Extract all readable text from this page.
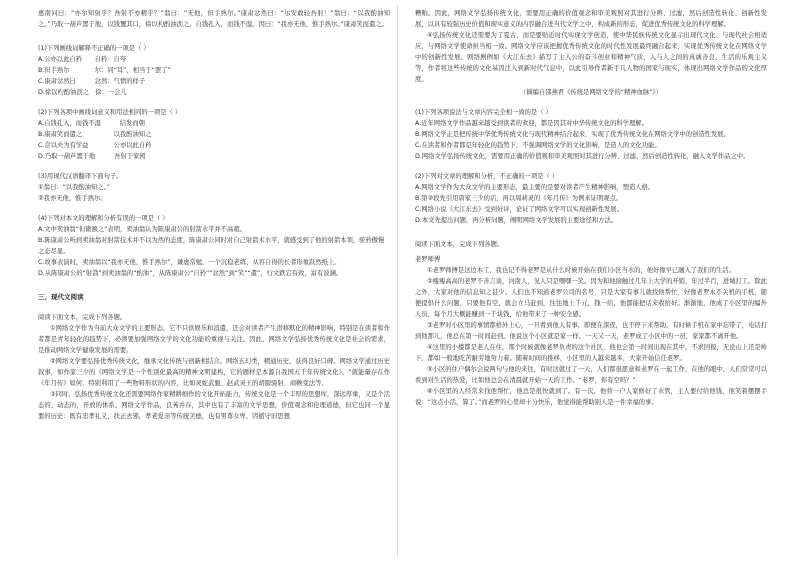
惠南问曰：“亦尔知射乎？吾射不亦精乎？”翁曰：“无他，但手熟尔。”康肃忿然曰：“尔安敢轻吾射！”翁曰：“以我酌油知之。”乃取一葫芦置于地，以钱覆其口，徐以杓酌油沥之，自钱孔入，而钱不湿。因曰：“我亦无他，惟手熟尔。”康肃笑而遣之。

(1)下列画线词解释不正确的一项是（ ）

A.公亦以此自矜　　自矜：自夸

B.但手熟尔　　　　尔：同“耳”，相当于“罢了”

C.康肃忿然曰　　　忿然：气愤的样子

D.徐以杓酌油沥之　徐：一会儿

(2)下列各项中画线词意义和用法相同的一项是（ ）

A.自钱孔入，而钱不湿　　　结发而朝

B.康肃笑而遣之　　　　　以我酌油知之

C.尝以夫为有学益　　　　公亦以此自矜

D.乃取一葫芦置于地　　　吾射于家园

(3)用现代汉语翻译下面句子。

①翁曰：“以我酌油知之。”

②我亦无他，惟手熟尔。

(4)下列对本文的理解和分析有误的一项是（ ）

A.文中卖油翁“但微颔之”表明，卖油翁认为陈康肃公的射箭水平并不高超。

B.陈康肃公听到卖油翁对射箭技术并不以为然的态度，陈康肃公同时对自己射箭术水平，就感受到了他的射箭本领，骄矜傲慢之态尽显。

C.故事表演时，卖油翁以“我亦无他，惟手熟尔”，谦虚常勉，一个沉稳老练、从容自得的长者形象跃然纸上。

D.从陈康肃公的“射箭”到卖油翁的“酌油”，从陈康肃公“自矜”“忿然”到“笑”“遣”，行文跌宕有致，富有波澜。

三、现代文阅读

阅读下面文本，完成下列各题。

①网络文学作为当前大众文学的主要形态，它不只供娱乐和消遣，还会对读者产生潜移默化的精神影响，特别是在读者和作者都是青年轻化的趋势下，必须要加强网络文学的文化功能的重视与关注。因此，网络文学弘扬优秀传统文化是社会的需求，是推动网络文学健康发展的需要。

②网络文学要弘扬优秀传统文化，继承文化传统与创新相结合。网络玄幻类，精通历史，获得良好口碑。网络文学通过历史叙事，如作家三少的《网络文学是一个性别化最高的精神文明建构，它的题材是本源自我国五千年传统文化》，“就能量存在作《年月传》如何，特别利用了一些物料形状的内容，比如灵蛇武魁、赵武灵王的胡服骑射、商鞅变法等。

③同时，弘扬优秀传统文化还需要网络作家精耕细作的文化开拓能力，传统文化是一个丰厚的思想库，深远厚重，又是个活态的、动态的，开放的体系。网络文学作品，良莠并存，其中也有了丰富的文学思想，价值观念和伦理道德，但它也同一个显要的历史：既有忠孝礼义，扶正去邪，孝老爱亲等传统美德，也有男尊女卑、因循守旧思想

糟粕。因此，网络文学弘扬传统文化，需要用正确的价值观念和审美观照对其进行分辨、过滤，然后创造性转化、创新性发展，以具有较强历史价值和现实意义的内容融合进当代文学之中，构成新的形态，促进优秀传统文化的科学理解。

④弘扬传统文化还需要为了夏古，而是要贴近时代实现文学创造，使中华民族传统文化显示出现代文化、与现代社会相适应，与网络文学使命担当相一致。网络文学应该把握优秀传统文化的时代性发展最终融合起来，实现优秀传统文化在网络文学中的创新性发展。网络剧例如《大江东去》描写了主人公的奋斗创业和精神气质，人与人之间的真诚善良、生活的乐观主义等，作者将这些传统的文化基因注入到新时代气息中，以此引导作者新手几人物的国家与现实，体现出网络文学作品的文化厚度。

（摘编自邵燕君《传统是网络文学的“精神血脉”》）

(1)下列各项说法与文章内容完全相一致的是（ ）

A.近年网络文学作品越来越受到读者的欢迎，都是因其对中华传统文化的科学理解。

B.网络文学正是把传统中华优秀传统文化与现代精神结合起来，实现了优秀传统文化在网络文学中的创造性发展。

C.在读者和作者都是年轻化的趋势下，不强调网络文学的文化影响，是造人的文化功能。

D.网络文学弘扬传统文化，需要用正确的价值观和审美观照对其进行分辨、过滤，然后创造性转化，融入文学作品之中。

(2)下列对文章的理解和分析，不正确的一项是（ ）

A.网络文学作为大众文学的主要形态，最主要的是要对读者产生精神影响，塑造人格。

B.第②段先引用唐家三少的话，再以周莉灵的《年月传》为例来证明观点。

C.网络小说《大江东去》受到好评，论证了网络文学可以实现创新性发展。

D.本文先提出问题，再分析问题，阐明网络文学发展的主要途径和方法。

阅读下面文本，完成下列各题。

老罗师傅

①老罗师傅是这边木工，我也记不得老罗是从什么时候开始在我们小区当水的，他好像早已融入了我们的生活。

②瘦瘦高高的老罗不善言谈，河南人，见人只是嘿嘿一笑。因为和他接触过几年上大学的开销，年过半百，进城打工。除此之外，大家对他的信息知之甚少。人们也不知道老罗公司的名号，只是大家有事儿就找他帮忙，好像老罗永不关机的手机，随便提供什么问题，只要他有空，就会立马赶到，往往地上千元，钱一给，他都能把话来收拾好。渐渐地，他成了小区里的编外人员，每个月大概能赚到一千块钱，给他带来了一种安全感。

③老罗对小区里的事情都格外上心，一旦看到他人有事，即便在深夜，也不停下来帮助。有时候手机在家中忘带了，电话打到他那儿，他总在第一时间赶到。他说这个小区就是家一样。一天又一天，老罗成了小区中的一员，家家都不离开他。

④这里的小楼都是老人在住，那个时候就像老罗负责的这个社区，他也会第一时间出现在其中，不求回报，无论山上还是岭下，都如一般地吃苦耐劳地努力着。随着时间的推移，小区里的人越来越多，大家开始信任老罗。

⑤小区的住户偶尔会说两句与他的来往，有时这就过了一天，人们都很愿意和老罗在一起工作，在他的眼中，人们常常可以看到对生活的热爱，比如他总会在清晨就开始一天的工作。“老罗，你有空吗？”

⑥小区里的人经常来找他帮忙，他总是很快就到了。有一次，他替一户人家修好了水管，主人要付给他钱，他笑着摆摆手说：“这点小活，算了。”而老罗的心里却十分快乐，他觉得能帮助别人是一件幸福的事。
